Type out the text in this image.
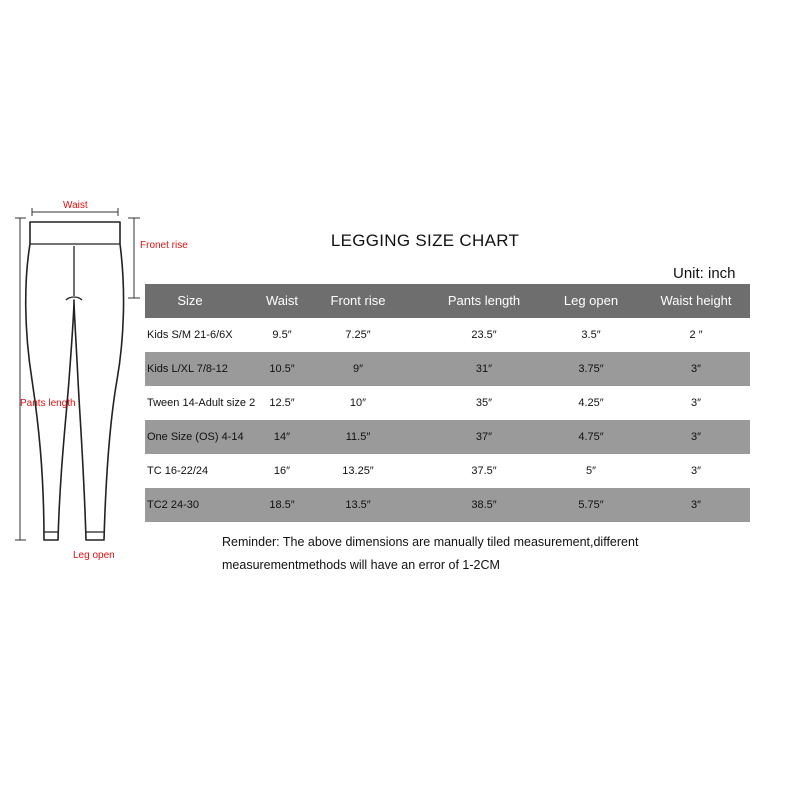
Waist
Fronet rise
Pants length
Leg open
LEGGING SIZE CHART
Unit: inch
Size	Waist	Front rise	Pants length	Leg open	Waist height
Kids S/M 21-6/6X	9.5″	7.25″	23.5″	3.5″	2 ″
Kids L/XL 7/8-12	10.5″	9″	31″	3.75″	3″
Tween 14-Adult size 2	12.5″	10″	35″	4.25″	3″
One Size (OS) 4-14	14″	11.5″	37″	4.75″	3″
TC 16-22/24	16″	13.25″	37.5″	5″	3″
TC2 24-30	18.5″	13.5″	38.5″	5.75″	3″
Reminder: The above dimensions are manually tiled measurement,different
measurementmethods will have an error of 1-2CM
